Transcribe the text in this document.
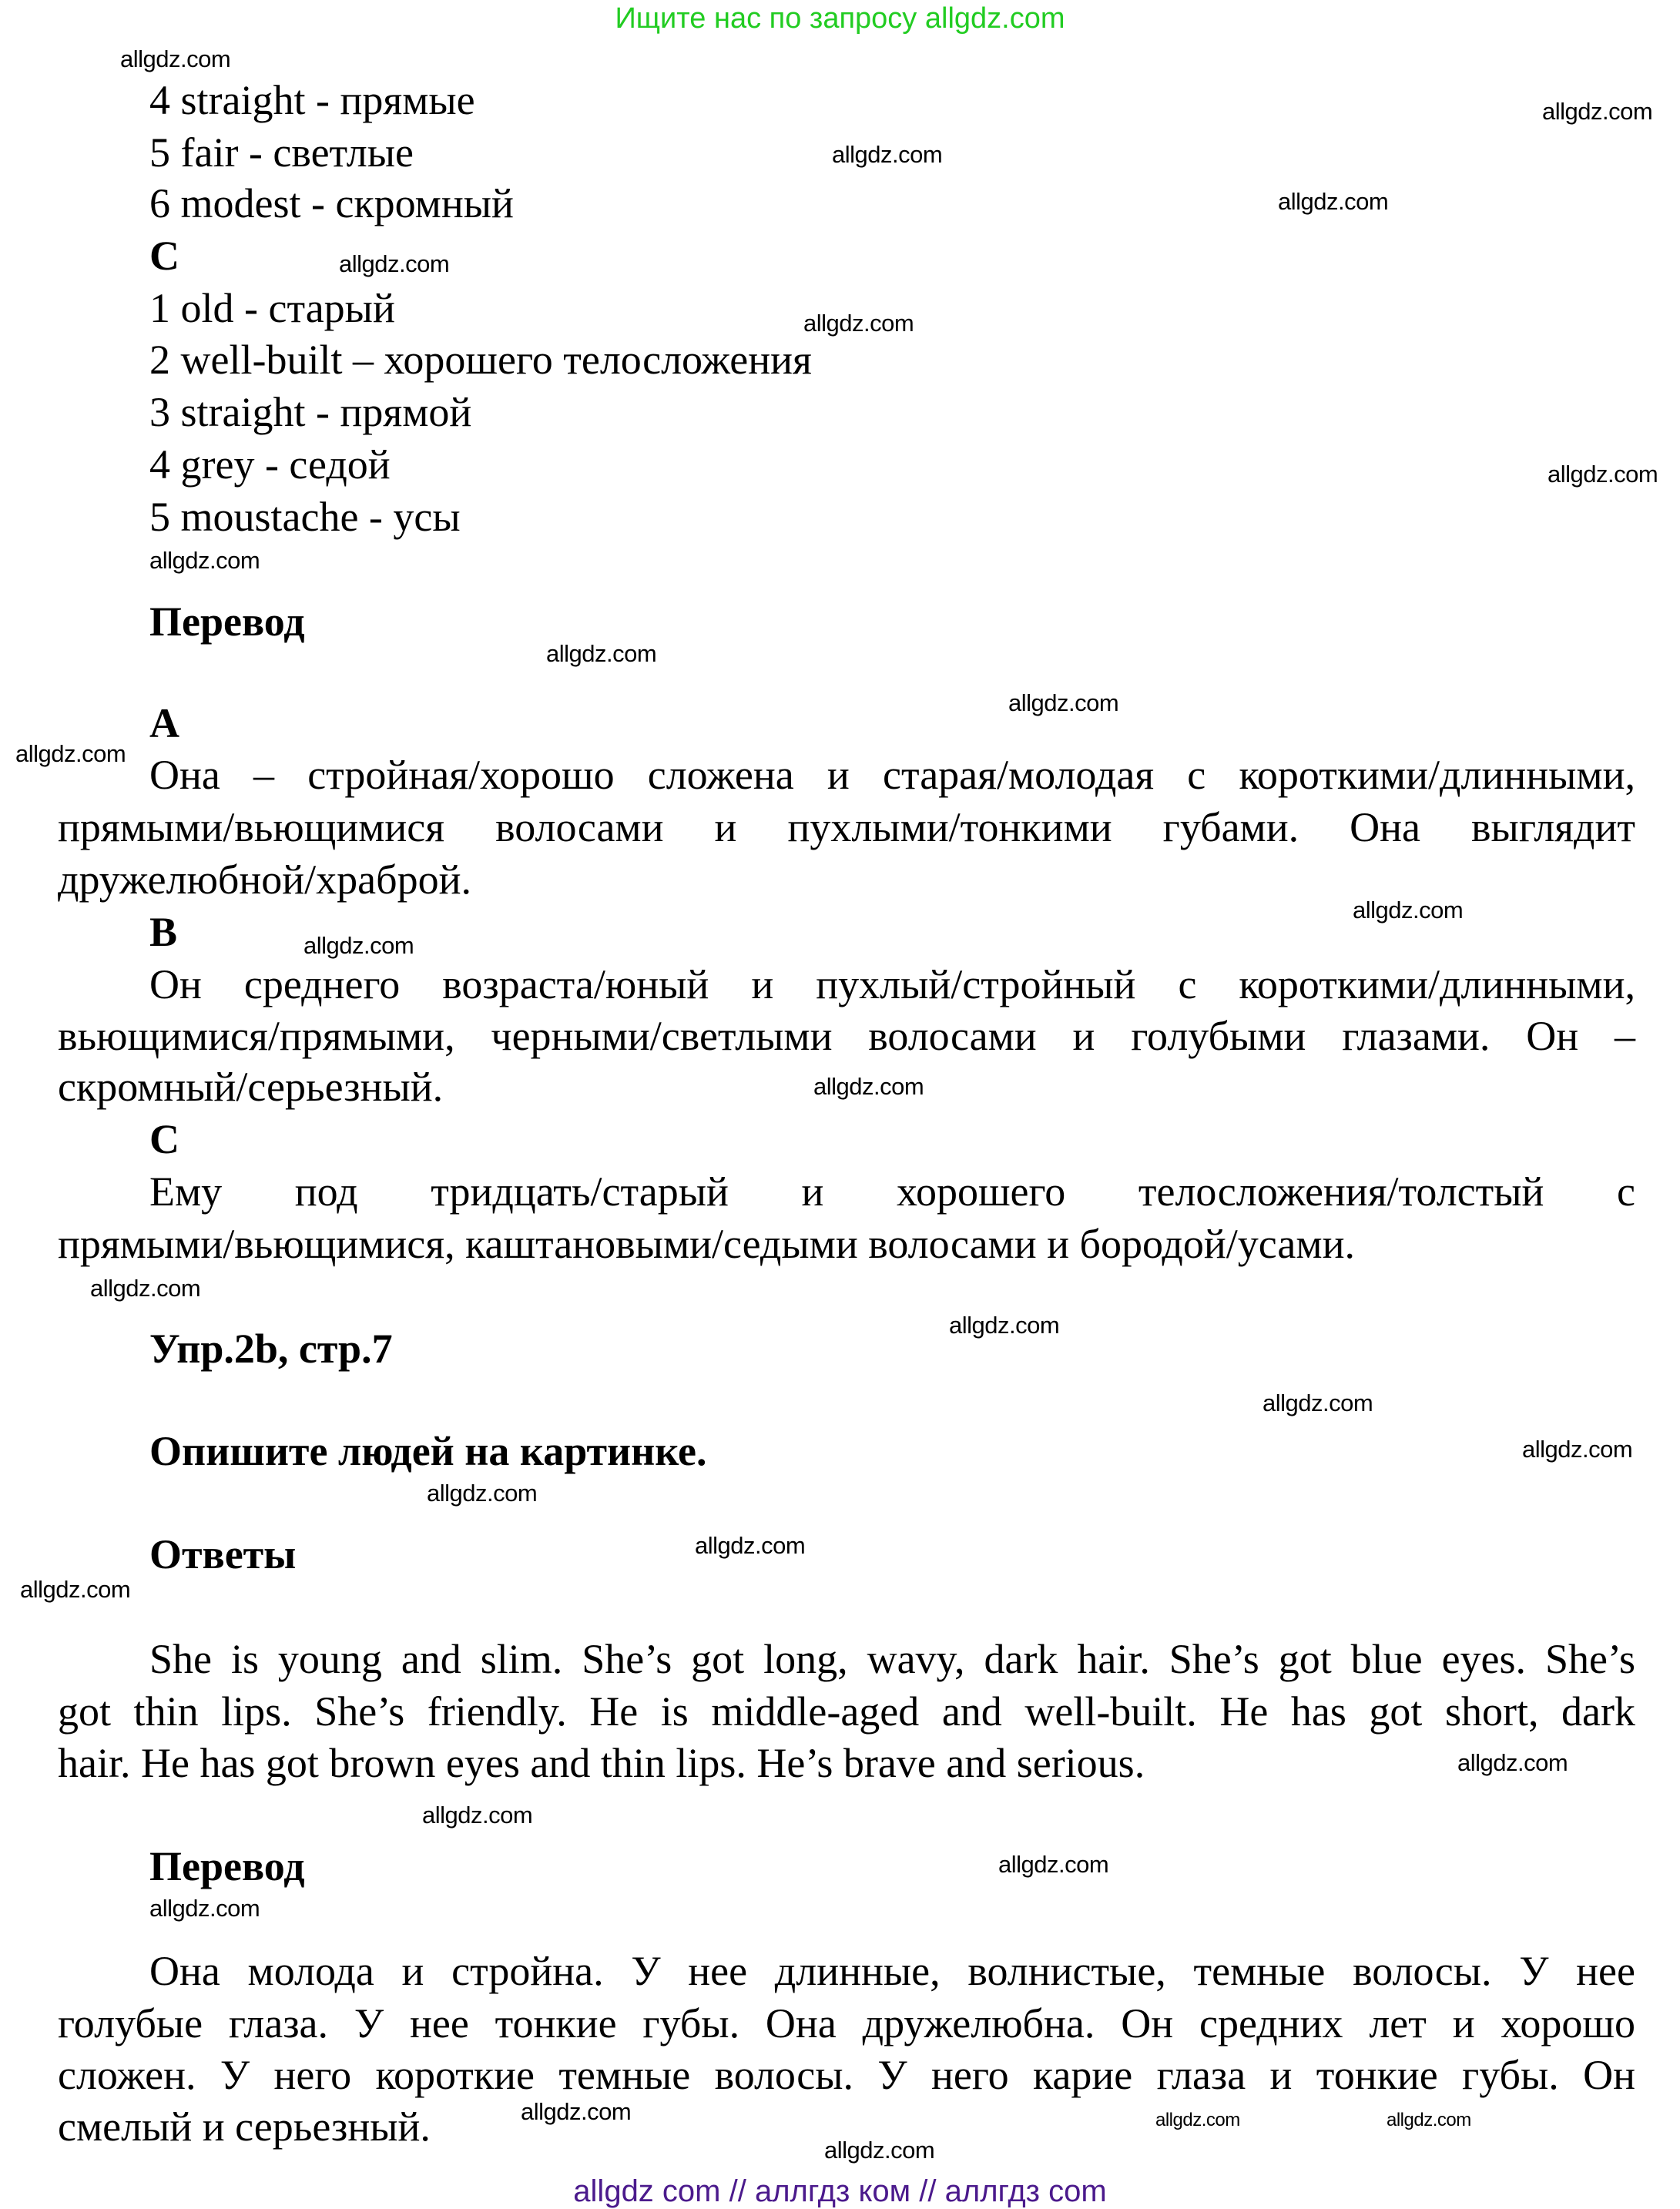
Ищите нас по запросу allgdz.com
4 straight - прямые
5 fair - светлые
6 modest - скромный
C
1 old - старый
2 well-built – хорошего телосложения
3 straight - прямой
4 grey - седой
5 moustache - усы
Перевод
A
Она – стройная/хорошо сложена и старая/молодая с короткими/длинными,
прямыми/вьющимися волосами и пухлыми/тонкими губами. Она выглядит
дружелюбной/храброй.
B
Он среднего возраста/юный и пухлый/стройный с короткими/длинными,
вьющимися/прямыми, черными/светлыми волосами и голубыми глазами. Он –
скромный/серьезный.
C
Ему под тридцать/старый и хорошего телосложения/толстый с
прямыми/вьющимися, каштановыми/седыми волосами и бородой/усами.
Упр.2b, стр.7
Опишите людей на картинке.
Ответы
She is young and slim. She’s got long, wavy, dark hair. She’s got blue eyes. She’s
got thin lips. She’s friendly. He is middle-aged and well-built. He has got short, dark
hair. He has got brown eyes and thin lips. He’s brave and serious.
Перевод
Она молода и стройна. У нее длинные, волнистые, темные волосы. У нее
голубые глаза. У нее тонкие губы. Она дружелюбна. Он средних лет и хорошо
сложен. У него короткие темные волосы. У него карие глаза и тонкие губы. Он
смелый и серьезный.
allgdz.com
allgdz.com
allgdz.com
allgdz.com
allgdz.com
allgdz.com
allgdz.com
allgdz.com
allgdz.com
allgdz.com
allgdz.com
allgdz.com
allgdz.com
allgdz.com
allgdz.com
allgdz.com
allgdz.com
allgdz.com
allgdz.com
allgdz.com
allgdz.com
allgdz.com
allgdz.com
allgdz.com
allgdz.com
allgdz.com	allgdz.com
allgdz.com
allgdz.com
allgdz com // аллгдз ком // аллгдз com
